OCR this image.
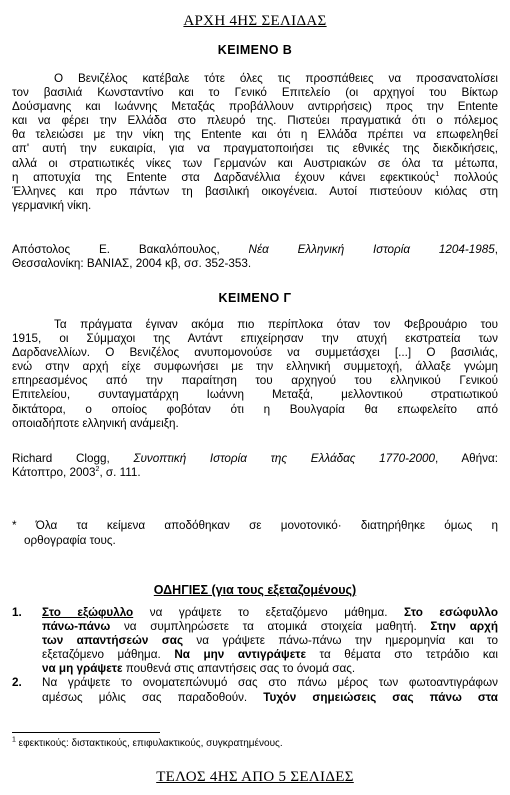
ΑΡΧΗ 4ΗΣ ΣΕΛΙΔΑΣ
ΚΕΙΜΕΝΟ Β
Ο Βενιζέλος κατέβαλε τότε όλες τις προσπάθειες να προσανατολίσει
τον βασιλιά Κωνσταντίνο και το Γενικό Επιτελείο (οι αρχηγοί του Βίκτωρ
Δούσμανης και Ιωάννης Μεταξάς προβάλλουν αντιρρήσεις) προς την Entente
και να φέρει την Ελλάδα στο πλευρό της. Πιστεύει πραγματικά ότι ο πόλεμος
θα τελειώσει με την νίκη της Entente και ότι η Ελλάδα πρέπει να επωφεληθεί
απ' αυτή την ευκαιρία, για να πραγματοποιήσει τις εθνικές της διεκδικήσεις,
αλλά οι στρατιωτικές νίκες των Γερμανών και Αυστριακών σε όλα τα μέτωπα,
η αποτυχία της Entente στα Δαρδανέλλια έχουν κάνει εφεκτικούς$^1$ πολλούς
Έλληνες και προ πάντων τη βασιλική οικογένεια. Αυτοί πιστεύουν κιόλας στη
γερμανική νίκη.
Απόστολος Ε. Βακαλόπουλος, Νέα Ελληνική Ιστορία 1204-1985,
Θεσσαλονίκη: ΒΑΝΙΑΣ, 2004 κβ, σσ. 352-353.
ΚΕΙΜΕΝΟ Γ
Τα πράγματα έγιναν ακόμα πιο περίπλοκα όταν τον Φεβρουάριο του
1915, οι Σύμμαχοι της Αντάντ επιχείρησαν την ατυχή εκστρατεία των
Δαρδανελλίων. Ο Βενιζέλος ανυπομονούσε να συμμετάσχει [...] Ο βασιλιάς,
ενώ στην αρχή είχε συμφωνήσει με την ελληνική συμμετοχή, άλλαξε γνώμη
επηρεασμένος από την παραίτηση του αρχηγού του ελληνικού Γενικού
Επιτελείου, συνταγματάρχη Ιωάννη Μεταξά, μελλοντικού στρατιωτικού
δικτάτορα, ο οποίος φοβόταν ότι η Βουλγαρία θα επωφελείτο από
οποιαδήποτε ελληνική ανάμειξη.
Richard Clogg, Συνοπτική Ιστορία της Ελλάδας 1770-2000, Αθήνα:
Κάτοπτρο, 2003$^2$, σ. 111.
* Όλα τα κείμενα αποδόθηκαν σε μονοτονικό· διατηρήθηκε όμως η
ορθογραφία τους.
ΟΔΗΓΙΕΣ (για τους εξεταζομένους)
1. Στο εξώφυλλο να γράψετε το εξεταζόμενο μάθημα. Στο εσώφυλλο
πάνω-πάνω να συμπληρώσετε τα ατομικά στοιχεία μαθητή. Στην αρχή
των απαντήσεών σας να γράψετε πάνω-πάνω την ημερομηνία και το
εξεταζόμενο μάθημα. Να μην αντιγράψετε τα θέματα στο τετράδιο και
να μη γράψετε πουθενά στις απαντήσεις σας το όνομά σας.
2. Να γράψετε το ονοματεπώνυμό σας στο πάνω μέρος των φωτοαντιγράφων
αμέσως μόλις σας παραδοθούν. Τυχόν σημειώσεις σας πάνω στα
$^1$ εφεκτικούς: διστακτικούς, επιφυλακτικούς, συγκρατημένους.
ΤΕΛΟΣ 4ΗΣ ΑΠΟ 5 ΣΕΛΙΔΕΣ
